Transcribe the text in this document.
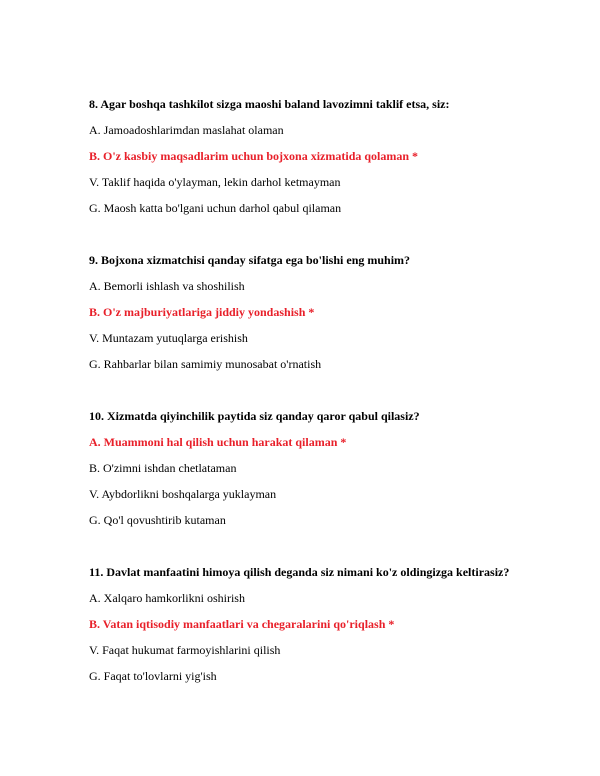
8. Agar boshqa tashkilot sizga maoshi baland lavozimni taklif etsa, siz:
A. Jamoadoshlarimdan maslahat olaman
B. O'z kasbiy maqsadlarim uchun bojxona xizmatida qolaman *
V. Taklif haqida o'ylayman, lekin darhol ketmayman
G. Maosh katta bo'lgani uchun darhol qabul qilaman
9. Bojxona xizmatchisi qanday sifatga ega bo'lishi eng muhim?
A. Bemorli ishlash va shoshilish
B. O'z majburiyatlariga jiddiy yondashish *
V. Muntazam yutuqlarga erishish
G. Rahbarlar bilan samimiy munosabat o'rnatish
10. Xizmatda qiyinchilik paytida siz qanday qaror qabul qilasiz?
A. Muammoni hal qilish uchun harakat qilaman *
B. O'zimni ishdan chetlataman
V. Aybdorlikni boshqalarga yuklayman
G. Qo'l qovushtirib kutaman
11. Davlat manfaatini himoya qilish deganda siz nimani ko'z oldingizga keltirasiz?
A. Xalqaro hamkorlikni oshirish
B. Vatan iqtisodiy manfaatlari va chegaralarini qo'riqlash *
V. Faqat hukumat farmoyishlarini qilish
G. Faqat to'lovlarni yig'ish
